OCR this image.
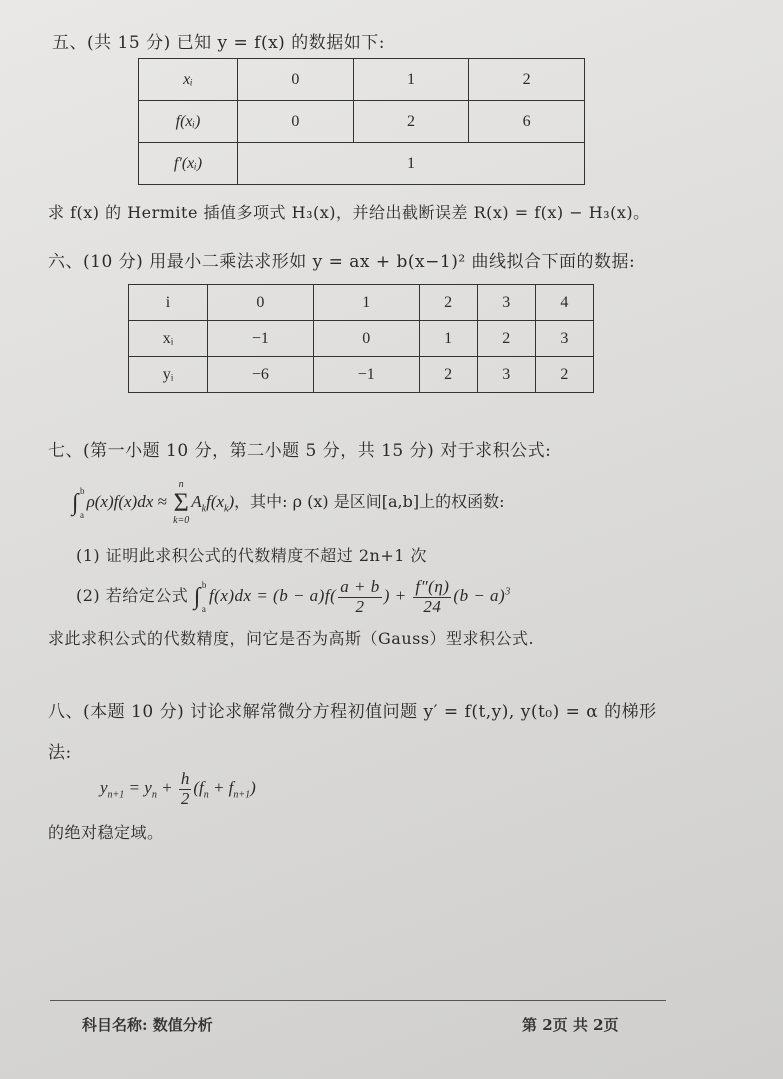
五、(共 15 分) 已知 y = f(x) 的数据如下:
xᵢ	0	1	2
f(xᵢ)	0	2	6
f′(xᵢ)	1		
求 f(x) 的 Hermite 插值多项式 H₃(x)，并给出截断误差 R(x) = f(x) − H₃(x)。
六、(10 分) 用最小二乘法求形如 y = ax + b(x−1)² 曲线拟合下面的数据:
i	0	1	2	3	4
xᵢ	−1	0	1	2	3
yᵢ	−6	−1	2	3	2
七、(第一小题 10 分，第二小题 5 分，共 15 分) 对于求积公式:
∫ b
a
ρ(x)f(x)dx ≈
n
Σ
k=0
$A_kf(x_k)$，其中: ρ (x) 是区间[a,b]上的权函数:
(1) 证明此求积公式的代数精度不超过 2n+1 次
(2) 若给定公式 ∫ b
a
$f(x)dx = (b - a)f( \frac{a + b}{2}$ ) + $\frac{f''(\eta)}{24} (b - a)^3$
求此求积公式的代数精度，问它是否为高斯（Gauss）型求积公式.
八、(本题 10 分) 讨论求解常微分方程初值问题 y′ = f(t,y), y(t₀) = α 的梯形
法:
$y_{n+1} = y_n + \frac{h}{2} (f_n + f_{n+1})$
的绝对稳定域。
科目名称: 数值分析	第 2页 共 2页
